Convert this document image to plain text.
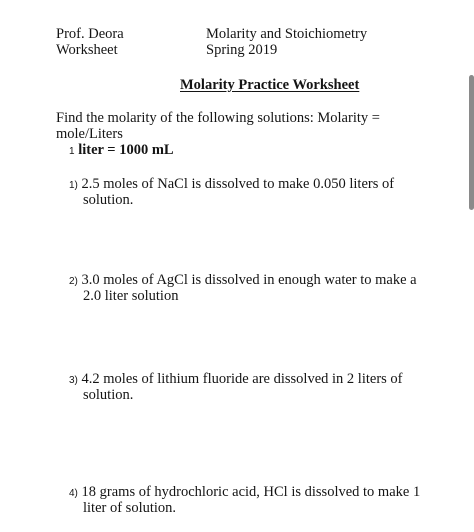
Prof. Deora
Worksheet
Molarity and Stoichiometry
Spring 2019
Molarity Practice Worksheet
Find the molarity of the following solutions: Molarity =
mole/Liters
1 liter = 1000 mL
1) 2.5 moles of NaCl is dissolved to make 0.050 liters of
solution.
2) 3.0 moles of AgCl is dissolved in enough water to make a
2.0 liter solution
3) 4.2 moles of lithium fluoride are dissolved in 2 liters of
solution.
4) 18 grams of hydrochloric acid, HCl is dissolved to make 1
liter of solution.
